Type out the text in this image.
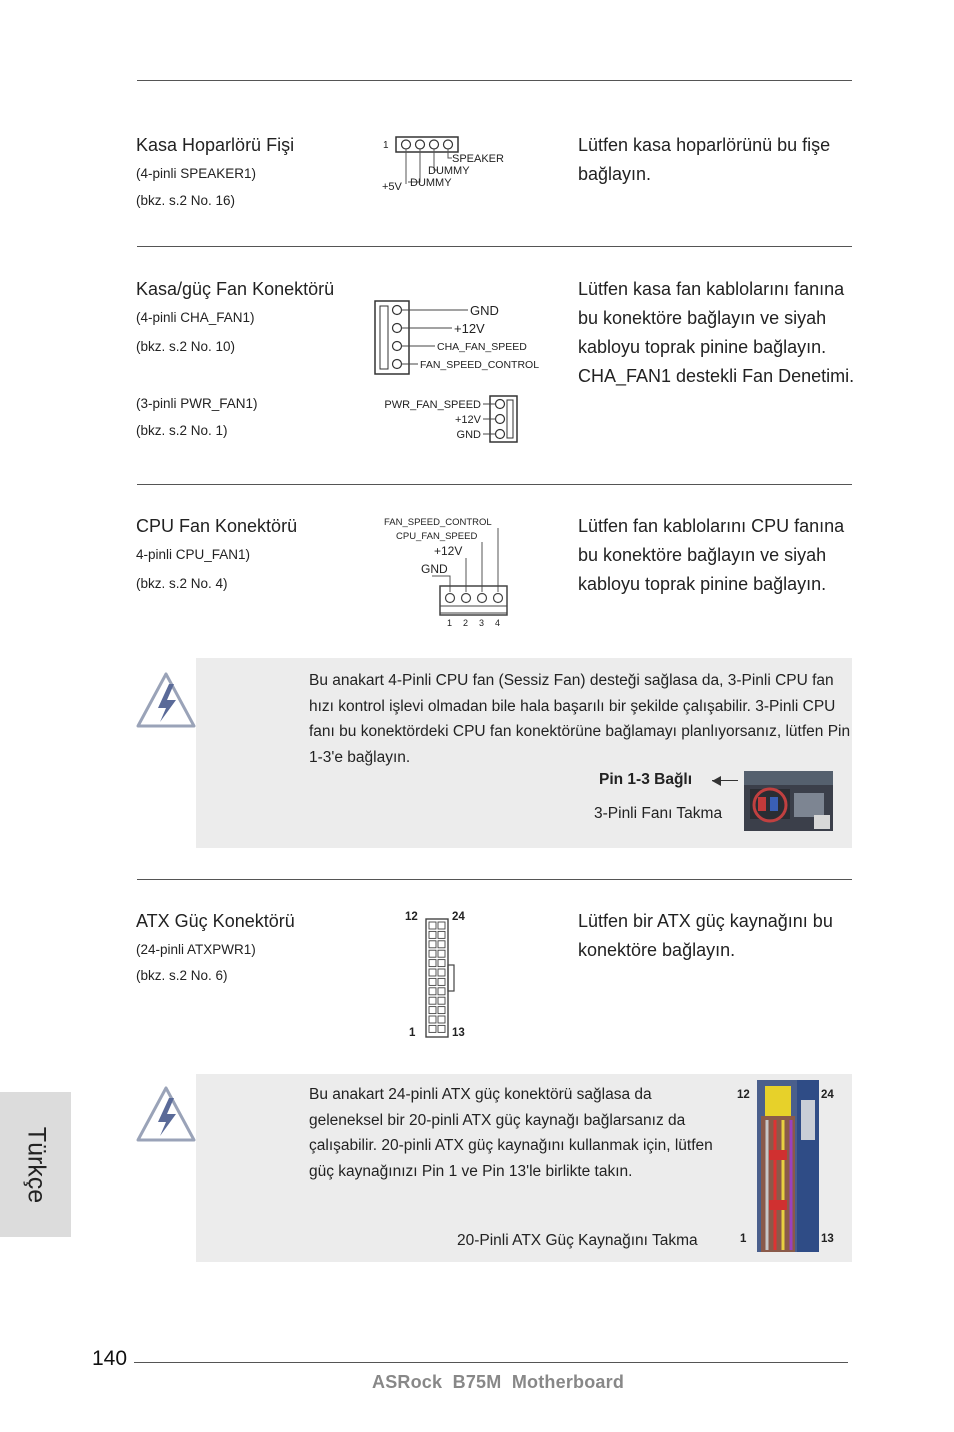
Kasa Hoparlörü Fişi
(4-pinli SPEAKER1)
(bkz. s.2 No. 16)
1
SPEAKER
DUMMY
DUMMY
+5V
Lütfen kasa hoparlörünü bu fişe bağlayın.
Kasa/güç Fan Konektörü
(4-pinli CHA_FAN1)
(bkz. s.2 No. 10)
(3-pinli PWR_FAN1)
(bkz. s.2 No. 1)
GND
+12V
CHA_FAN_SPEED
FAN_SPEED_CONTROL
PWR_FAN_SPEED
+12V
GND
Lütfen kasa fan kablolarını fanına bu konektöre bağlayın ve siyah kabloyu toprak pinine bağlayın. CHA_FAN1 destekli Fan Denetimi.
CPU Fan Konektörü
4-pinli CPU_FAN1)
(bkz. s.2 No. 4)
FAN_SPEED_CONTROL
CPU_FAN_SPEED
+12V
GND
1 2 3 4
Lütfen fan kablolarını CPU fanına bu konektöre bağlayın ve siyah kabloyu toprak pinine bağlayın.
Bu anakart 4-Pinli CPU fan (Sessiz Fan) desteği sağlasa da, 3-Pinli CPU fan hızı kontrol işlevi olmadan bile hala başarılı bir şekilde çalışabilir. 3-Pinli CPU fanı bu konektördeki CPU fan konektörüne bağlamayı planlıyorsanız, lütfen Pin 1-3'e bağlayın.
Pin 1-3 Bağlı
3-Pinli Fanı Takma
ATX Güç Konektörü
(24-pinli ATXPWR1)
(bkz. s.2 No. 6)
12	24
1	13
Lütfen bir ATX güç kaynağını bu konektöre bağlayın.
Bu anakart 24-pinli ATX güç konektörü sağlasa da geleneksel bir 20-pinli ATX güç kaynağı bağlarsanız da çalışabilir. 20-pinli ATX güç kaynağını kullanmak için, lütfen güç kaynağınızı Pin 1 ve Pin 13'le birlikte takın.
20-Pinli ATX Güç Kaynağını Takma
12	24
1	13
Türkçe
140
ASRock  B75M  Motherboard
